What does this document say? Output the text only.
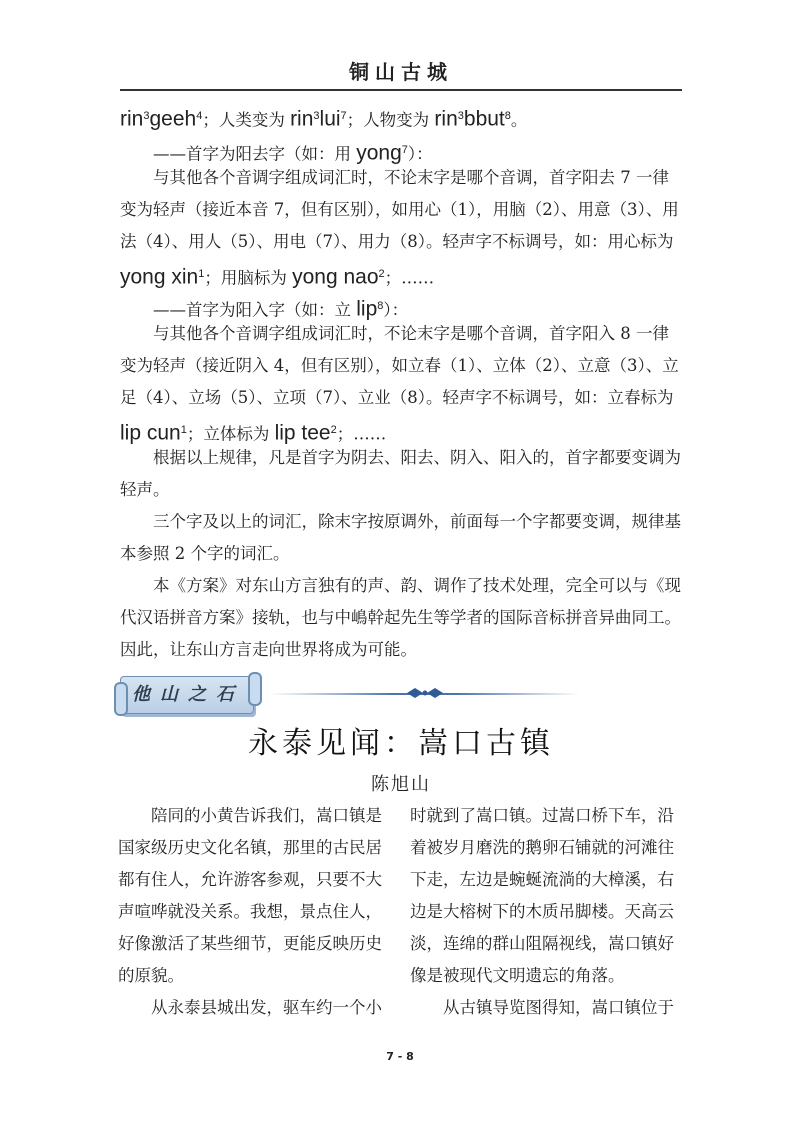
铜山古城

rin$^3$geeh$^4$；人类变为 rin$^3$lui$^7$；人物变为 rin$^3$bbut$^8$。

——首字为阳去字（如：用 yong$^7$）：

与其他各个音调字组成词汇时，不论末字是哪个音调，首字阳去 7 一律变为轻声（接近本音 7，但有区别），如用心（1），用脑（2）、用意（3）、用法（4）、用人（5）、用电（7）、用力（8）。轻声字不标调号，如：用心标为 yong xin$^1$；用脑标为 yong nao$^2$；……

——首字为阳入字（如：立 lip$^8$）：

与其他各个音调字组成词汇时，不论末字是哪个音调，首字阳入 8 一律变为轻声（接近阴入 4，但有区别），如立春（1）、立体（2）、立意（3）、立足（4）、立场（5）、立项（7）、立业（8）。轻声字不标调号，如：立春标为 lip cun$^1$；立体标为 lip tee$^2$；……

根据以上规律，凡是首字为阴去、阳去、阴入、阳入的，首字都要变调为轻声。

三个字及以上的词汇，除末字按原调外，前面每一个字都要变调，规律基本参照 2 个字的词汇。

本《方案》对东山方言独有的声、韵、调作了技术处理，完全可以与《现代汉语拼音方案》接轨，也与中嶋幹起先生等学者的国际音标拼音异曲同工。因此，让东山方言走向世界将成为可能。

他山之石
永泰见闻：嵩口古镇
陈旭山

陪同的小黄告诉我们，嵩口镇是国家级历史文化名镇，那里的古民居都有住人，允许游客参观，只要不大声喧哗就没关系。我想，景点住人，好像激活了某些细节，更能反映历史的原貌。

从永泰县城出发，驱车约一个小

时就到了嵩口镇。过嵩口桥下车，沿着被岁月磨洗的鹅卵石铺就的河滩往下走，左边是蜿蜒流淌的大樟溪，右边是大榕树下的木质吊脚楼。天高云淡，连绵的群山阻隔视线，嵩口镇好像是被现代文明遗忘的角落。

从古镇导览图得知，嵩口镇位于

7 - 8
